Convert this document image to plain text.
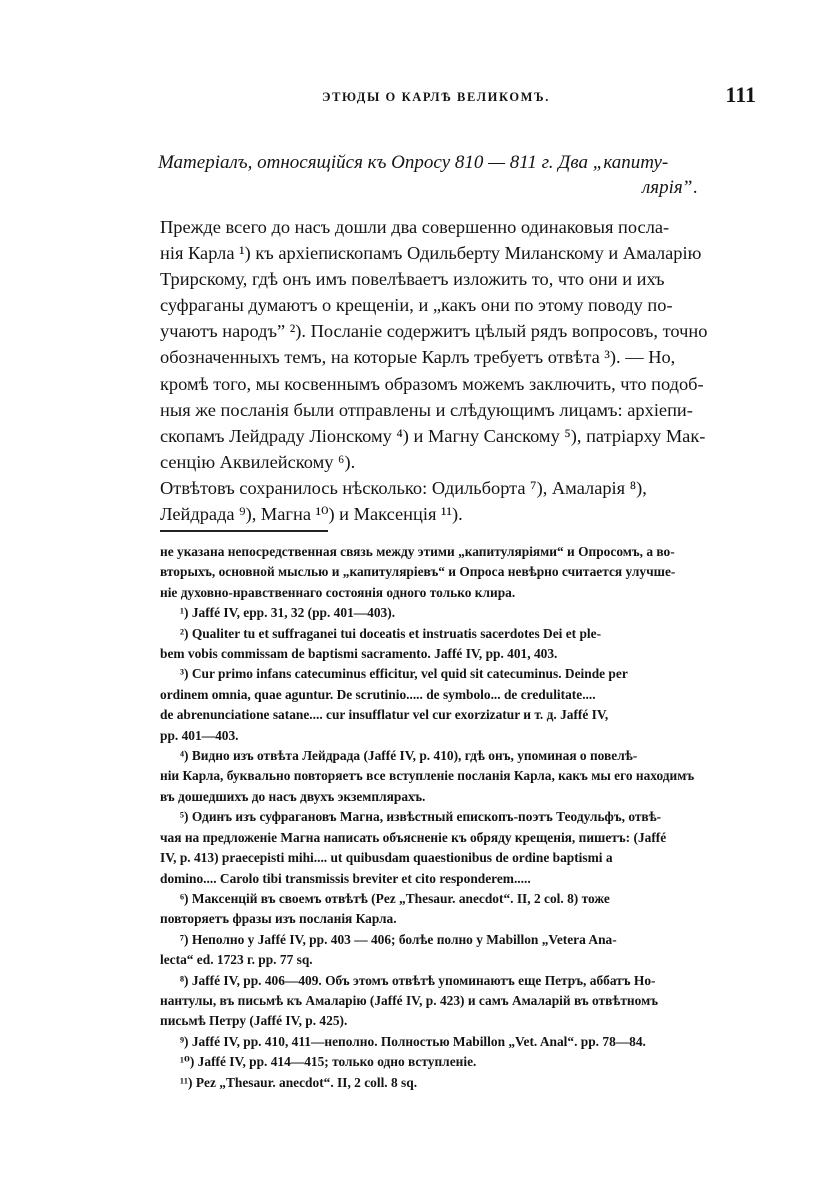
ЭТЮДЫ О КАРЛѢ ВЕЛИКОМЪ.	111
Матеріалъ, относящійся къ Опросу 810 — 811 г. Два „капиту-
ляріяˮ.
Прежде всего до насъ дошли два совершенно одинаковыя посла-
нія Карла ¹) къ архіепископамъ Одильберту Миланскому и Амаларію
Трирскому, гдѣ онъ имъ повелѣваетъ изложить то, что они и ихъ
суфраганы думаютъ о крещеніи, и „какъ они по этому поводу по-
учаютъ народъˮ ²). Посланіе содержитъ цѣлый рядъ вопросовъ, точно
обозначенныхъ темъ, на которые Карлъ требуетъ отвѣта ³). — Но,
кромѣ того, мы косвеннымъ образомъ можемъ заключить, что подоб-
ныя же посланія были отправлены и слѣдующимъ лицамъ: архіепи-
скопамъ Лейдраду Ліонскому ⁴) и Магну Санскому ⁵), патріарху Мак-
сенцію Аквилейскому ⁶).
Отвѣтовъ сохранилось нѣсколько: Одильборта ⁷), Амаларія ⁸),
Лейдрада ⁹), Магна ¹⁰) и Максенція ¹¹).
не указана непосредственная связь между этими „капитуляріями“ и Опросомъ, а во-
вторыхъ, основной мыслью и „капитуляріевъ“ и Опроса невѣрно считается улучше-
ніе духовно-нравственнаго состоянія одного только клира.
¹) Jaffé IV, epp. 31, 32 (pp. 401—403).
²) Qualiter tu et suffraganei tui doceatis et instruatis sacerdotes Dei et ple-
bem vobis commissam de baptismi sacramento. Jaffé IV, pp. 401, 403.
³) Cur primo infans catecuminus efficitur, vel quid sit catecuminus. Deinde per
ordinem omnia, quae aguntur. De scrutinio..... de symbolo... de credulitate....
de abrenunciatione satane.... cur insufflatur vel cur exorzizatur и т. д. Jaffé IV,
pp. 401—403.
⁴) Видно изъ отвѣта Лейдрада (Jaffé IV, p. 410), гдѣ онъ, упоминая о повелѣ-
ніи Карла, буквально повторяетъ все вступленіе посланія Карла, какъ мы его находимъ
въ дошедшихъ до насъ двухъ экземплярахъ.
⁵) Одинъ изъ суфрагановъ Магна, извѣстный епископъ-поэтъ Теодульфъ, отвѣ-
чая на предложеніе Магна написать объясненіе къ обряду крещенія, пишетъ: (Jaffé
IV, p. 413) praecepisti mihi.... ut quibusdam quaestionibus de ordine baptismi a
domino.... Carolo tibi transmissis breviter et cito responderem.....
⁶) Максенцій въ своемъ отвѣтѣ (Pez „Thesaur. anecdot“. II, 2 col. 8) тоже
повторяетъ фразы изъ посланія Карла.
⁷) Неполно у Jaffé IV, pp. 403 — 406; болѣе полно у Mabillon „Vetera Ana-
lecta“ ed. 1723 г. pp. 77 sq.
⁸) Jaffé IV, pp. 406—409. Объ этомъ отвѣтѣ упоминаютъ еще Петръ, аббатъ Но-
нантулы, въ письмѣ къ Амаларію (Jaffé IV, p. 423) и самъ Амаларій въ отвѣтномъ
письмѣ Петру (Jaffé IV, p. 425).
⁹) Jaffé IV, pp. 410, 411—неполно. Полностью Mabillon „Vet. Anal“. pp. 78—84.
¹⁰) Jaffé IV, pp. 414—415; только одно вступленіе.
¹¹) Pez „Thesaur. anecdot“. II, 2 coll. 8 sq.
